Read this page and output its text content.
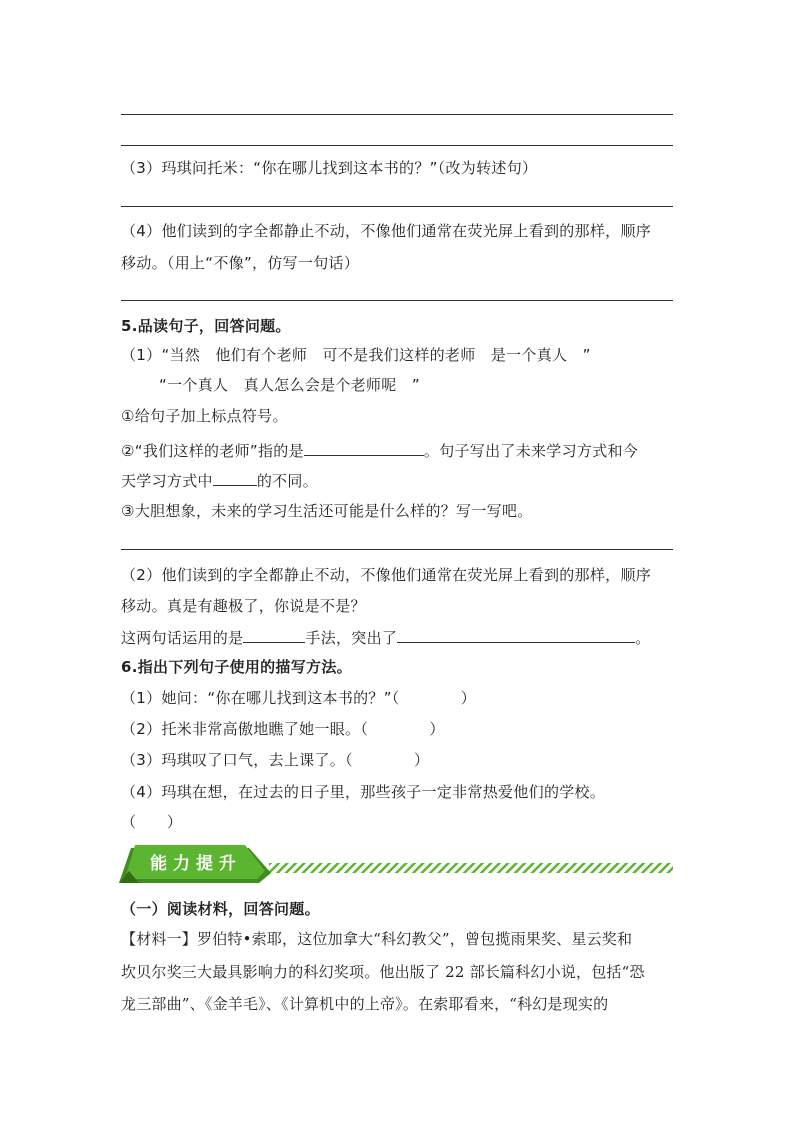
（3）玛琪问托米：“你在哪儿找到这本书的？”（改为转述句）
（4）他们读到的字全都静止不动，不像他们通常在荧光屏上看到的那样，顺序
移动。（用上“不像”，仿写一句话）
5.品读句子，回答问题。
（1）“当然　他们有个老师　可不是我们这样的老师　是一个真人　”
“一个真人　真人怎么会是个老师呢　”
①给句子加上标点符号。
②“我们这样的老师”指的是	。句子写出了未来学习方式和今
天学习方式中	的不同。
③大胆想象，未来的学习生活还可能是什么样的？写一写吧。
（2）他们读到的字全都静止不动，不像他们通常在荧光屏上看到的那样，顺序
移动。真是有趣极了，你说是不是？
这两句话运用的是	手法，突出了	。
6.指出下列句子使用的描写方法。
（1）她问：“你在哪儿找到这本书的？”（　　　　）
（2）托米非常高傲地瞧了她一眼。（　　　　）
（3）玛琪叹了口气，去上课了。（　　　　）
（4）玛琪在想，在过去的日子里，那些孩子一定非常热爱他们的学校。
（　　）
能 力 提 升
（一）阅读材料，回答问题。
【材料一】罗伯特•索耶，这位加拿大“科幻教父”，曾包揽雨果奖、星云奖和
坎贝尔奖三大最具影响力的科幻奖项。他出版了 22 部长篇科幻小说，包括“恐
龙三部曲”、《金羊毛》、《计算机中的上帝》。在索耶看来，“科幻是现实的
